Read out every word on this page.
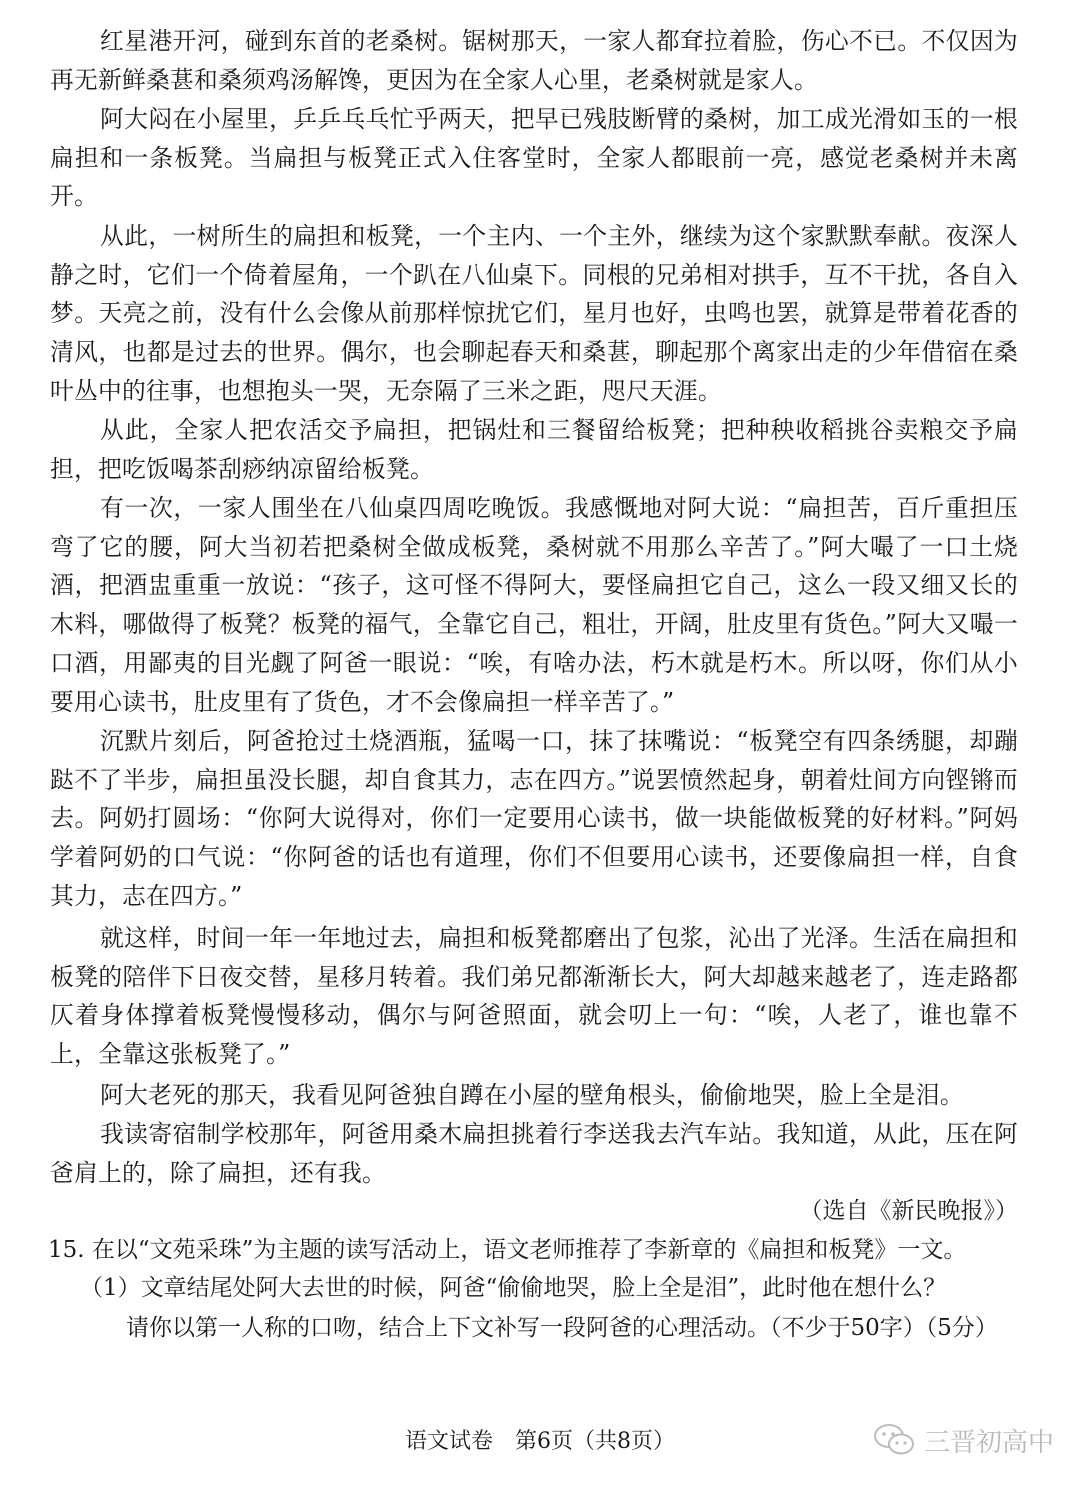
红星港开河，碰到东首的老桑树。锯树那天，一家人都耷拉着脸，伤心不已。不仅因为再无新鲜桑葚和桑须鸡汤解馋，更因为在全家人心里，老桑树就是家人。

阿大闷在小屋里，乒乒乓乓忙乎两天，把早已残肢断臂的桑树，加工成光滑如玉的一根扁担和一条板凳。当扁担与板凳正式入住客堂时，全家人都眼前一亮，感觉老桑树并未离开。

从此，一树所生的扁担和板凳，一个主内、一个主外，继续为这个家默默奉献。夜深人静之时，它们一个倚着屋角，一个趴在八仙桌下。同根的兄弟相对拱手，互不干扰，各自入梦。天亮之前，没有什么会像从前那样惊扰它们，星月也好，虫鸣也罢，就算是带着花香的清风，也都是过去的世界。偶尔，也会聊起春天和桑葚，聊起那个离家出走的少年借宿在桑叶丛中的往事，也想抱头一哭，无奈隔了三米之距，咫尺天涯。

从此，全家人把农活交予扁担，把锅灶和三餐留给板凳；把种秧收稻挑谷卖粮交予扁担，把吃饭喝茶刮痧纳凉留给板凳。

有一次，一家人围坐在八仙桌四周吃晚饭。我感慨地对阿大说：“扁担苦，百斤重担压弯了它的腰，阿大当初若把桑树全做成板凳，桑树就不用那么辛苦了。”阿大嘬了一口土烧酒，把酒盅重重一放说：“孩子，这可怪不得阿大，要怪扁担它自己，这么一段又细又长的木料，哪做得了板凳？板凳的福气，全靠它自己，粗壮，开阔，肚皮里有货色。”阿大又嘬一口酒，用鄙夷的目光觑了阿爸一眼说：“唉，有啥办法，朽木就是朽木。所以呀，你们从小要用心读书，肚皮里有了货色，才不会像扁担一样辛苦了。”

沉默片刻后，阿爸抢过土烧酒瓶，猛喝一口，抹了抹嘴说：“板凳空有四条绣腿，却蹦跶不了半步，扁担虽没长腿，却自食其力，志在四方。”说罢愤然起身，朝着灶间方向铿锵而去。阿奶打圆场：“你阿大说得对，你们一定要用心读书，做一块能做板凳的好材料。”阿妈学着阿奶的口气说：“你阿爸的话也有道理，你们不但要用心读书，还要像扁担一样，自食其力，志在四方。”

就这样，时间一年一年地过去，扁担和板凳都磨出了包浆，沁出了光泽。生活在扁担和板凳的陪伴下日夜交替，星移月转着。我们弟兄都渐渐长大，阿大却越来越老了，连走路都仄着身体撑着板凳慢慢移动，偶尔与阿爸照面，就会叨上一句：“唉，人老了，谁也靠不上，全靠这张板凳了。”

阿大老死的那天，我看见阿爸独自蹲在小屋的壁角根头，偷偷地哭，脸上全是泪。

我读寄宿制学校那年，阿爸用桑木扁担挑着行李送我去汽车站。我知道，从此，压在阿爸肩上的，除了扁担，还有我。

（选自《新民晚报》）

15. 在以“文苑采珠”为主题的读写活动上，语文老师推荐了李新章的《扁担和板凳》一文。

（1）文章结尾处阿大去世的时候，阿爸“偷偷地哭，脸上全是泪”，此时他在想什么？

请你以第一人称的口吻，结合上下文补写一段阿爸的心理活动。（不少于50字）（5分）

语文试卷　第6页（共8页）	三晋初高中
